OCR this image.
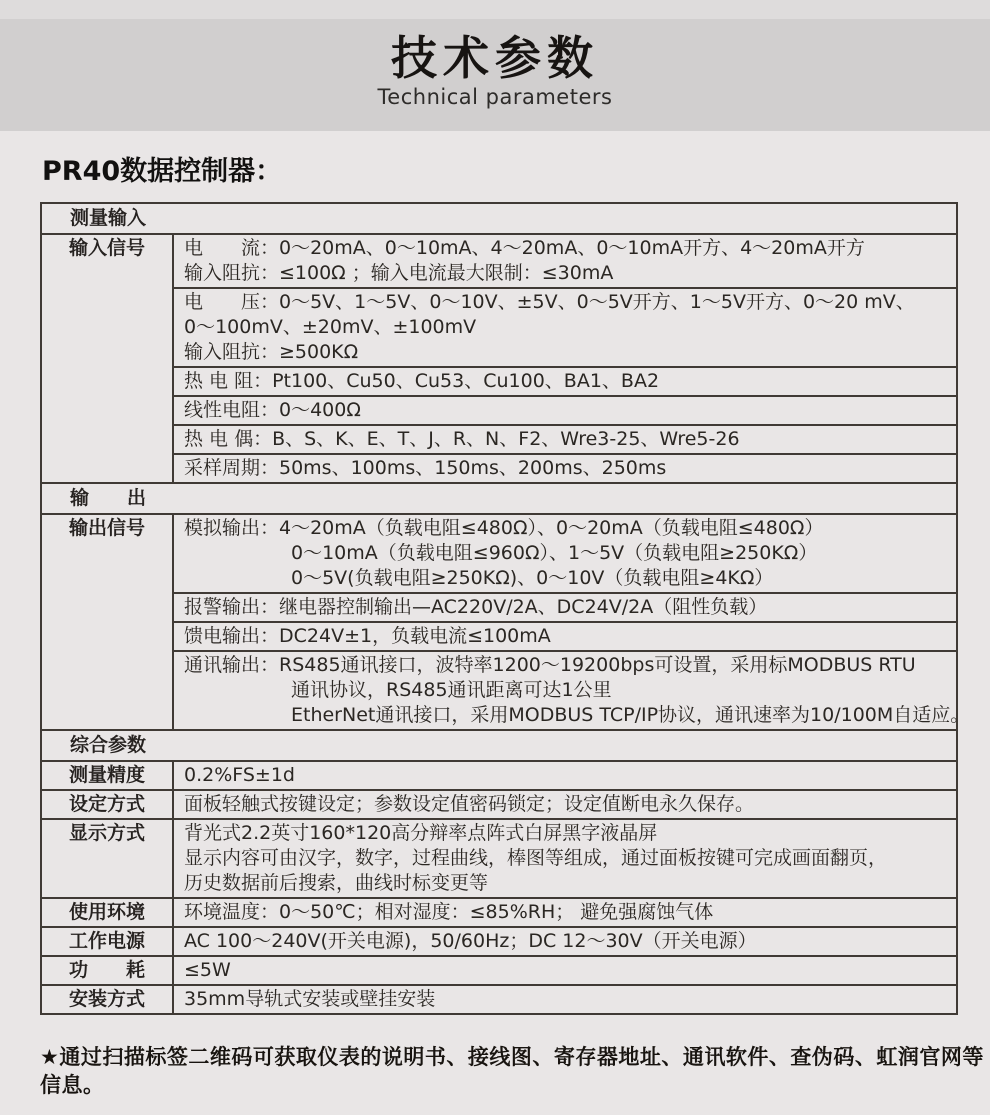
技术参数
Technical parameters
PR40数据控制器：
测量输入
输入信号	电　　流：0～20mA、0～10mA、4～20mA、0～10mA开方、4～20mA开方
输入阻抗：≤100Ω ；输入电流最大限制：≤30mA
电　　压：0～5V、1～5V、0～10V、±5V、0～5V开方、1～5V开方、0～20 mV、
0～100mV、±20mV、±100mV
输入阻抗：≥500KΩ
热 电 阻：Pt100、Cu50、Cu53、Cu100、BA1、BA2
线性电阻：0～400Ω
热 电 偶：B、S、K、E、T、J、R、N、F2、Wre3-25、Wre5-26
采样周期：50ms、100ms、150ms、200ms、250ms
输　　出
输出信号	模拟输出：4～20mA（负载电阻≤480Ω）、0～20mA（负载电阻≤480Ω）
0～10mA（负载电阻≤960Ω）、1～5V（负载电阻≥250KΩ）
0～5V(负载电阻≥250KΩ)、0～10V（负载电阻≥4KΩ）
报警输出：继电器控制输出—AC220V/2A、DC24V/2A（阻性负载）
馈电输出：DC24V±1，负载电流≤100mA
通讯输出：RS485通讯接口，波特率1200～19200bps可设置，采用标MODBUS RTU
通讯协议，RS485通讯距离可达1公里
EtherNet通讯接口，采用MODBUS TCP/IP协议，通讯速率为10/100M自适应。
综合参数
测量精度	0.2%FS±1d
设定方式	面板轻触式按键设定；参数设定值密码锁定；设定值断电永久保存。
显示方式	背光式2.2英寸160*120高分辩率点阵式白屏黑字液晶屏
显示内容可由汉字，数字，过程曲线，棒图等组成，通过面板按键可完成画面翻页，
历史数据前后搜索，曲线时标变更等
使用环境	环境温度：0～50℃；相对湿度：≤85%RH； 避免强腐蚀气体
工作电源	AC 100～240V(开关电源)，50/60Hz；DC 12～30V（开关电源）
功　　耗	≤5W
安装方式	35mm导轨式安装或壁挂安装
★通过扫描标签二维码可获取仪表的说明书、接线图、寄存器地址、通讯软件、查伪码、虹润官网等信息。
